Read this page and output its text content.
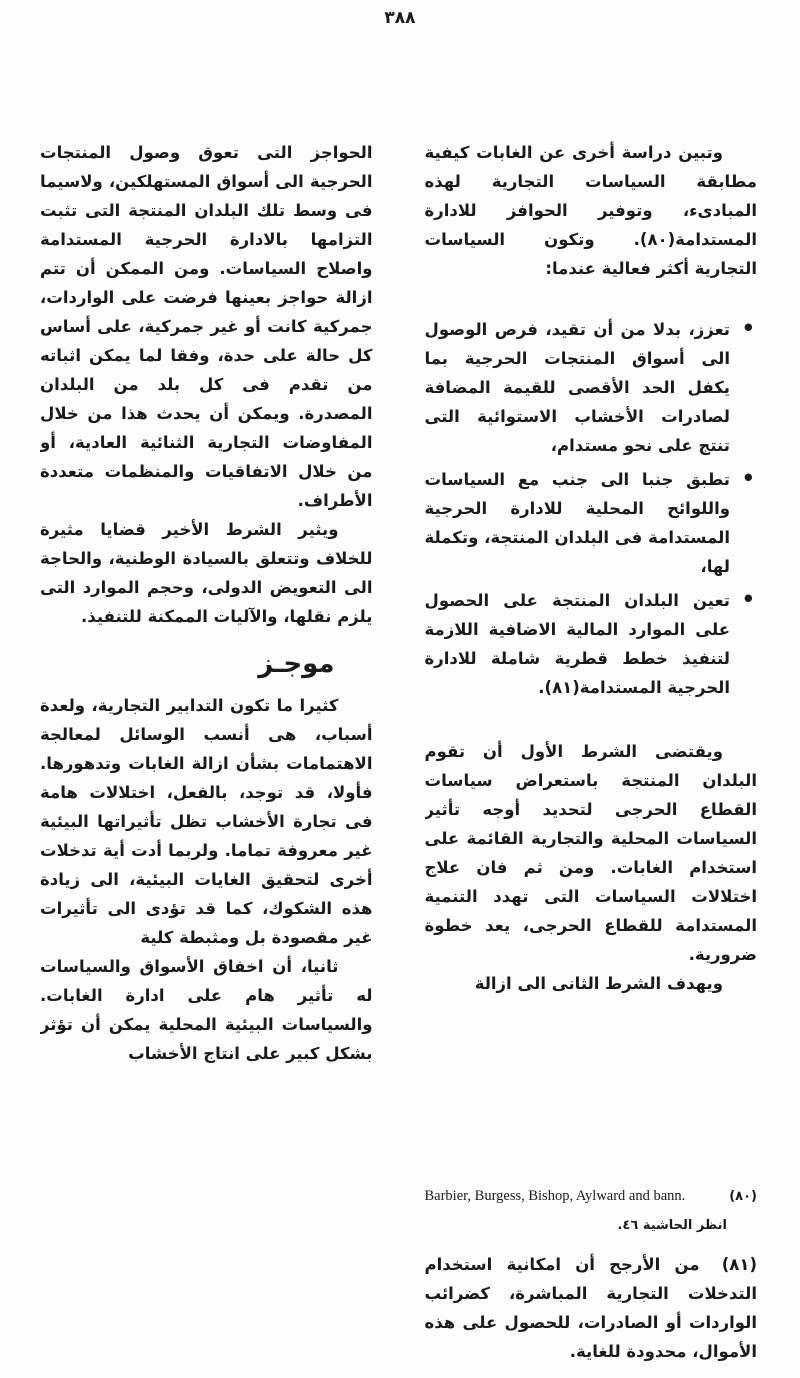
٣٨٨

وتبين دراسة أخرى عن الغابات كيفية مطابقة السياسات التجارية لهذه المبادىء، وتوفير الحوافز للادارة المستدامة(٨٠). وتكون السياسات التجارية أكثر فعالية عندما:

•
تعزز، بدلا من أن تقيد، فرص الوصول الى أسواق المنتجات الحرجية بما يكفل الحد الأقصى للقيمة المضافة لصادرات الأخشاب الاستوائية التى تنتج على نحو مستدام،
•
تطبق جنبا الى جنب مع السياسات واللوائح المحلية للادارة الحرجية المستدامة فى البلدان المنتجة، وتكملة لها،
•
تعين البلدان المنتجة على الحصول على الموارد المالية الاضافية اللازمة لتنفيذ خطط قطرية شاملة للادارة الحرجية المستدامة(٨١).

ويقتضى الشرط الأول أن تقوم البلدان المنتجة باستعراض سياسات القطاع الحرجى لتحديد أوجه تأثير السياسات المحلية والتجارية القائمة على استخدام الغابات. ومن ثم فان علاج اختلالات السياسات التى تهدد التنمية المستدامة للقطاع الحرجى، يعد خطوة ضرورية.

ويهدف الشرط الثانى الى ازالة

(٨٠)
Barbier, Burgess, Bishop, Aylward and bann.
انظر الحاشية ٤٦.

(٨١) من الأرجح أن امكانية استخدام التدخلات التجارية المباشرة، كضرائب الواردات أو الصادرات، للحصول على هذه الأموال، محدودة للغاية.

الحواجز التى تعوق وصول المنتجات الحرجية الى أسواق المستهلكين، ولاسيما فى وسط تلك البلدان المنتجة التى تثبت التزامها بالادارة الحرجية المستدامة واصلاح السياسات. ومن الممكن أن تتم ازالة حواجز بعينها فرضت على الواردات، جمركية كانت أو غير جمركية، على أساس كل حالة على حدة، وفقا لما يمكن اثباته من تقدم فى كل بلد من البلدان المصدرة. ويمكن أن يحدث هذا من خلال المفاوضات التجارية الثنائية العادية، أو من خلال الاتفاقيات والمنظمات متعددة الأطراف.

ويثير الشرط الأخير قضايا مثيرة للخلاف وتتعلق بالسيادة الوطنية، والحاجة الى التعويض الدولى، وحجم الموارد التى يلزم نقلها، والآليات الممكنة للتنفيذ.

موجـز

كثيرا ما تكون التدابير التجارية، ولعدة أسباب، هى أنسب الوسائل لمعالجة الاهتمامات بشأن ازالة الغابات وتدهورها. فأولا، قد توجد، بالفعل، اختلالات هامة فى تجارة الأخشاب تظل تأثيراتها البيئية غير معروفة تماما. ولربما أدت أية تدخلات أخرى لتحقيق الغايات البيئية، الى زيادة هذه الشكوك، كما قد تؤدى الى تأثيرات غير مقصودة بل ومثبطة كلية

ثانيا، أن اخفاق الأسواق والسياسات له تأثير هام على ادارة الغابات. والسياسات البيئية المحلية يمكن أن تؤثر بشكل كبير على انتاج الأخشاب
